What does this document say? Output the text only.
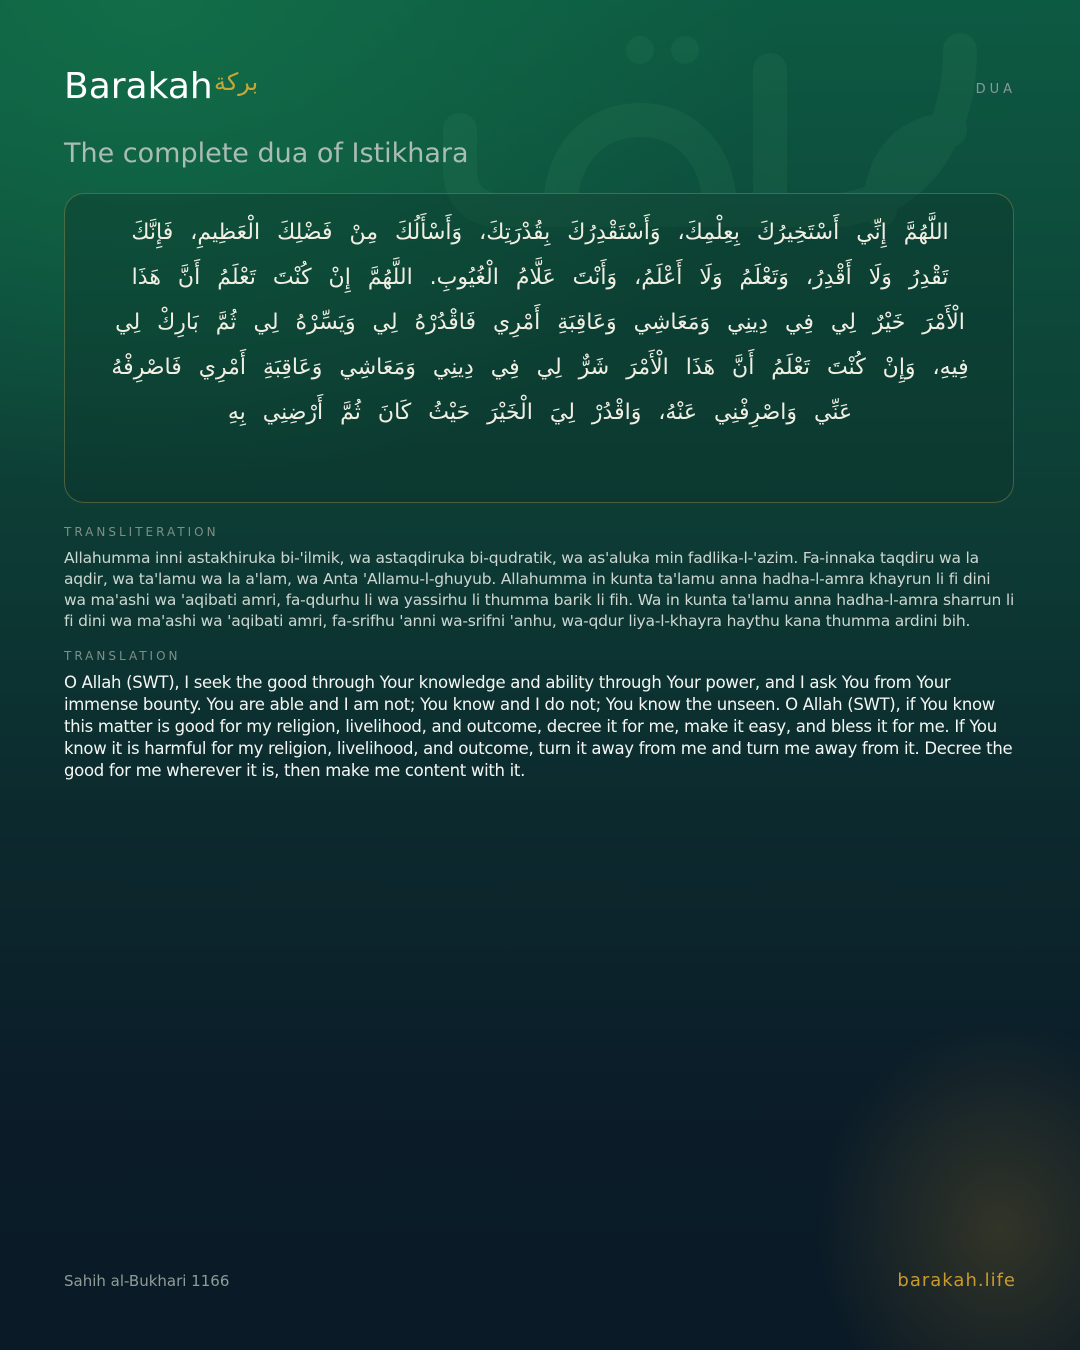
Barakah بركة	DUA
The complete dua of Istikhara
اللَّهُمَّ إِنِّي أَسْتَخِيرُكَ بِعِلْمِكَ، وَأَسْتَقْدِرُكَ بِقُدْرَتِكَ، وَأَسْأَلُكَ مِنْ فَضْلِكَ الْعَظِيمِ، فَإِنَّكَ تَقْدِرُ وَلَا أَقْدِرُ، وَتَعْلَمُ وَلَا أَعْلَمُ، وَأَنْتَ عَلَّامُ الْغُيُوبِ. اللَّهُمَّ إِنْ كُنْتَ تَعْلَمُ أَنَّ هَذَا الْأَمْرَ خَيْرٌ لِي فِي دِينِي وَمَعَاشِي وَعَاقِبَةِ أَمْرِي فَاقْدُرْهُ لِي وَيَسِّرْهُ لِي ثُمَّ بَارِكْ لِي فِيهِ، وَإِنْ كُنْتَ تَعْلَمُ أَنَّ هَذَا الْأَمْرَ شَرٌّ لِي فِي دِينِي وَمَعَاشِي وَعَاقِبَةِ أَمْرِي فَاصْرِفْهُ عَنِّي وَاصْرِفْنِي عَنْهُ، وَاقْدُرْ لِيَ الْخَيْرَ حَيْثُ كَانَ ثُمَّ أَرْضِنِي بِهِ
TRANSLITERATION
Allahumma inni astakhiruka bi-'ilmik, wa astaqdiruka bi-qudratik, wa as'aluka min fadlika-l-'azim. Fa-innaka taqdiru wa la aqdir, wa ta'lamu wa la a'lam, wa Anta 'Allamu-l-ghuyub. Allahumma in kunta ta'lamu anna hadha-l-amra khayrun li fi dini wa ma'ashi wa 'aqibati amri, fa-qdurhu li wa yassirhu li thumma barik li fih. Wa in kunta ta'lamu anna hadha-l-amra sharrun li fi dini wa ma'ashi wa 'aqibati amri, fa-srifhu 'anni wa-srifni 'anhu, wa-qdur liya-l-khayra haythu kana thumma ardini bih.
TRANSLATION
O Allah (SWT), I seek the good through Your knowledge and ability through Your power, and I ask You from Your immense bounty. You are able and I am not; You know and I do not; You know the unseen. O Allah (SWT), if You know this matter is good for my religion, livelihood, and outcome, decree it for me, make it easy, and bless it for me. If You know it is harmful for my religion, livelihood, and outcome, turn it away from me and turn me away from it. Decree the good for me wherever it is, then make me content with it.
Sahih al-Bukhari 1166	barakah.life
